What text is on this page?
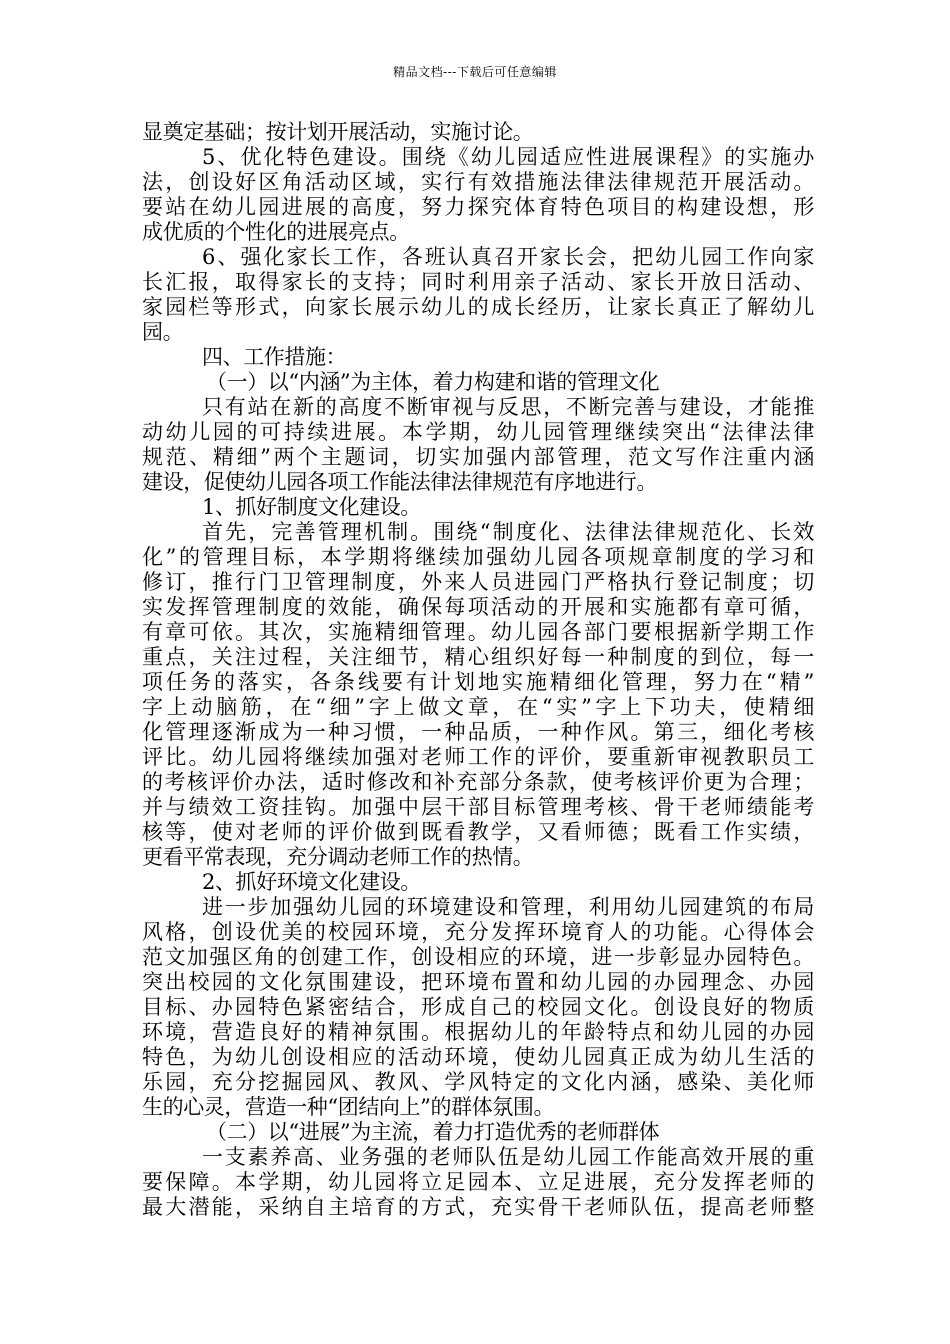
精品文档---下载后可任意编辑
显奠定基础；按计划开展活动，实施讨论。
5、优化特色建设。围绕《幼儿园适应性进展课程》的实施办
法，创设好区角活动区域，实行有效措施法律法律规范开展活动。
要站在幼儿园进展的高度，努力探究体育特色项目的构建设想，形
成优质的个性化的进展亮点。
6、强化家长工作，各班认真召开家长会，把幼儿园工作向家
长汇报，取得家长的支持；同时利用亲子活动、家长开放日活动、
家园栏等形式，向家长展示幼儿的成长经历，让家长真正了解幼儿
园。
四、工作措施：
（一）以“内涵”为主体，着力构建和谐的管理文化
只有站在新的高度不断审视与反思，不断完善与建设，才能推
动幼儿园的可持续进展。本学期，幼儿园管理继续突出“法律法律
规范、精细”两个主题词，切实加强内部管理，范文写作注重内涵
建设，促使幼儿园各项工作能法律法律规范有序地进行。
1、抓好制度文化建设。
首先，完善管理机制。围绕“制度化、法律法律规范化、长效
化”的管理目标，本学期将继续加强幼儿园各项规章制度的学习和
修订，推行门卫管理制度，外来人员进园门严格执行登记制度；切
实发挥管理制度的效能，确保每项活动的开展和实施都有章可循，
有章可依。其次，实施精细管理。幼儿园各部门要根据新学期工作
重点，关注过程，关注细节，精心组织好每一种制度的到位，每一
项任务的落实，各条线要有计划地实施精细化管理，努力在“精”
字上动脑筋，在“细”字上做文章，在“实”字上下功夫，使精细
化管理逐渐成为一种习惯，一种品质，一种作风。第三，细化考核
评比。幼儿园将继续加强对老师工作的评价，要重新审视教职员工
的考核评价办法，适时修改和补充部分条款，使考核评价更为合理；
并与绩效工资挂钩。加强中层干部目标管理考核、骨干老师绩能考
核等，使对老师的评价做到既看教学，又看师德；既看工作实绩，
更看平常表现，充分调动老师工作的热情。
2、抓好环境文化建设。
进一步加强幼儿园的环境建设和管理，利用幼儿园建筑的布局
风格，创设优美的校园环境，充分发挥环境育人的功能。心得体会
范文加强区角的创建工作，创设相应的环境，进一步彰显办园特色。
突出校园的文化氛围建设，把环境布置和幼儿园的办园理念、办园
目标、办园特色紧密结合，形成自己的校园文化。创设良好的物质
环境，营造良好的精神氛围。根据幼儿的年龄特点和幼儿园的办园
特色，为幼儿创设相应的活动环境，使幼儿园真正成为幼儿生活的
乐园，充分挖掘园风、教风、学风特定的文化内涵，感染、美化师
生的心灵，营造一种“团结向上”的群体氛围。
（二）以“进展”为主流，着力打造优秀的老师群体
一支素养高、业务强的老师队伍是幼儿园工作能高效开展的重
要保障。本学期，幼儿园将立足园本、立足进展，充分发挥老师的
最大潜能，采纳自主培育的方式，充实骨干老师队伍，提高老师整
